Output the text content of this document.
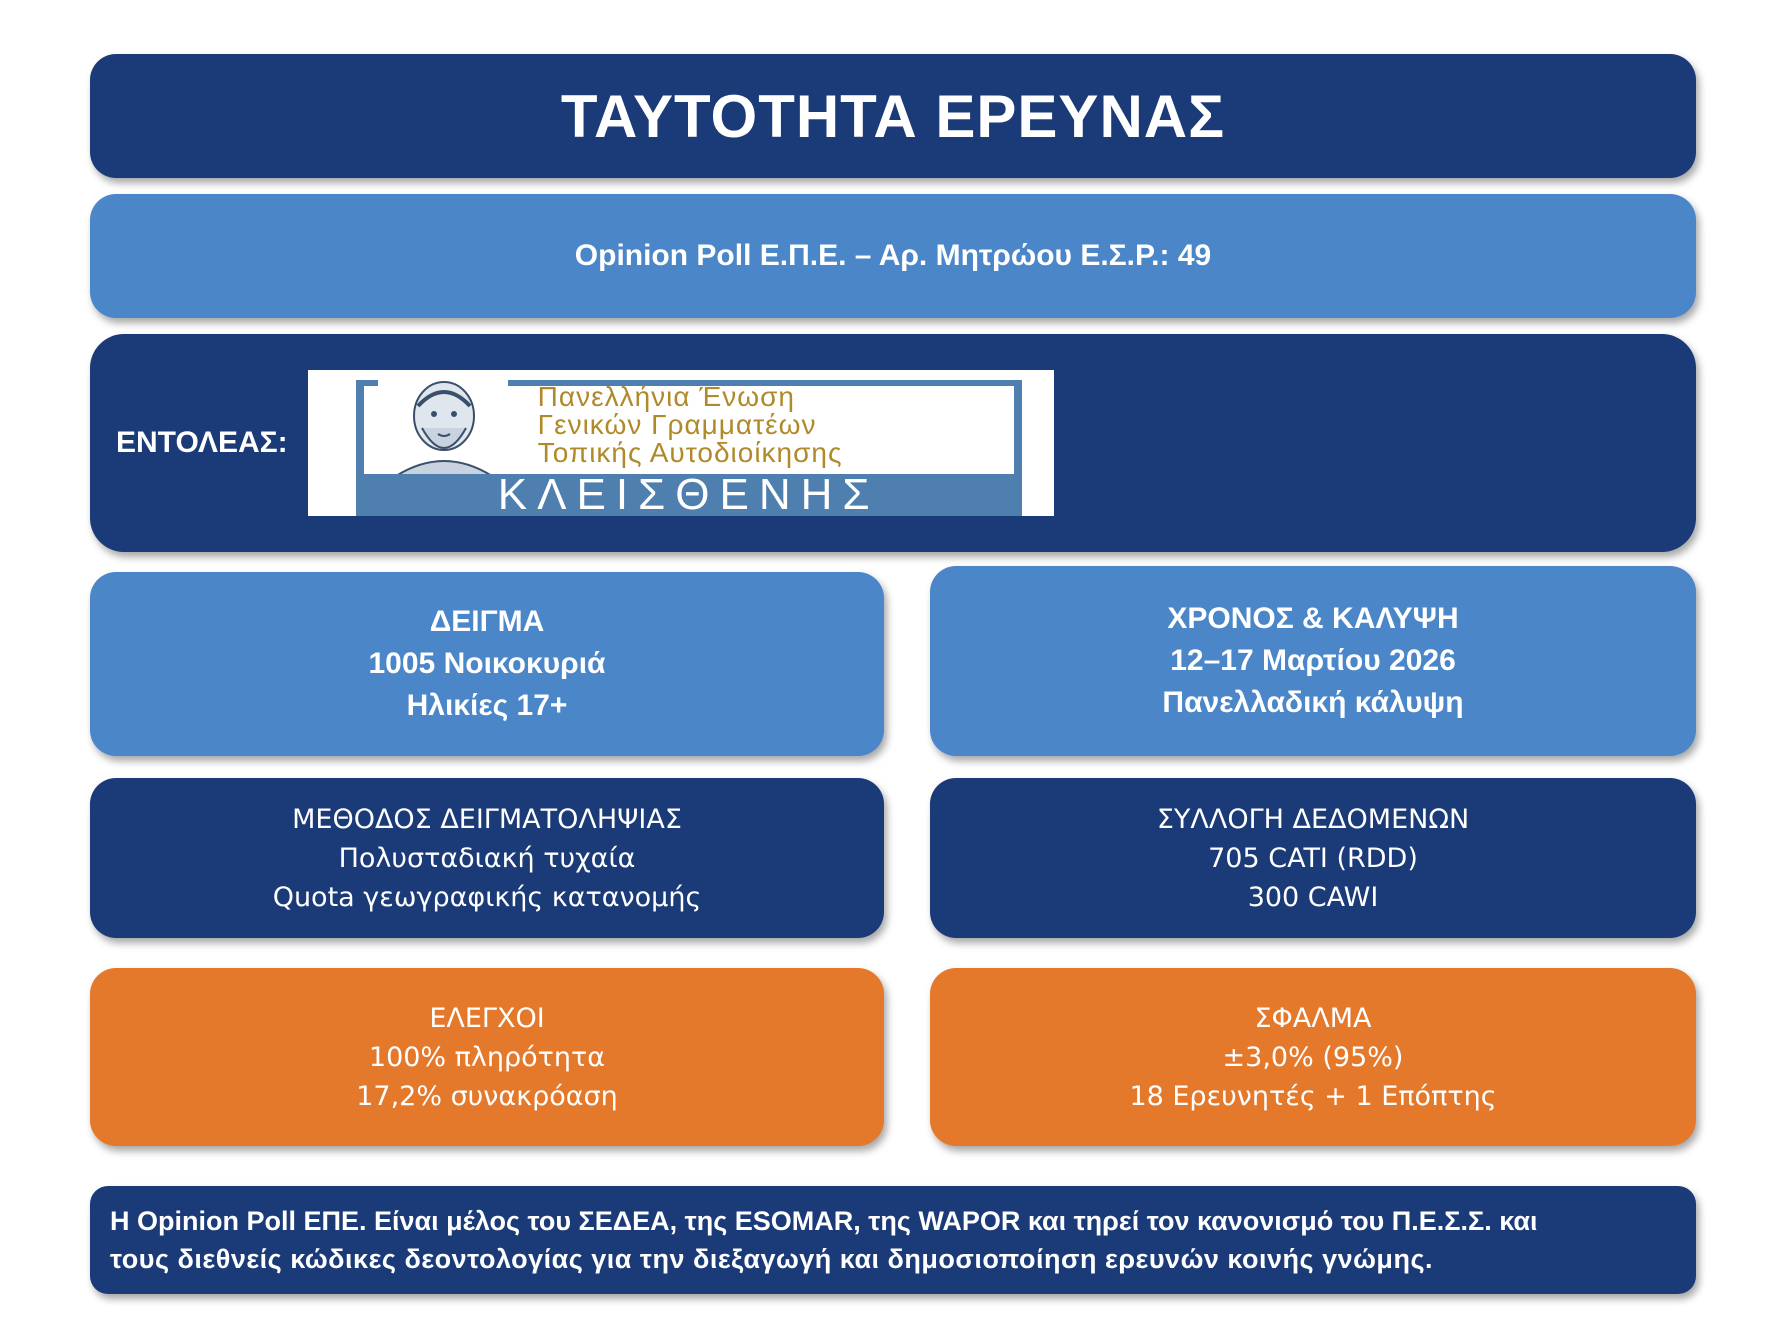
ΤΑΥΤΟΤΗΤΑ ΕΡΕΥΝΑΣ
Opinion Poll Ε.Π.Ε. – Αρ. Μητρώου Ε.Σ.Ρ.: 49
ΕΝΤΟΛΕΑΣ:
Πανελλήνια Ένωση
Γενικών Γραμματέων
Τοπικής Αυτοδιοίκησης
ΚΛΕΙΣΘΕΝΗΣ
ΔΕΙΓΜΑ
1005 Νοικοκυριά
Ηλικίες 17+
ΧΡΟΝΟΣ & ΚΑΛΥΨΗ
12–17 Μαρτίου 2026
Πανελλαδική κάλυψη
ΜΕΘΟΔΟΣ ΔΕΙΓΜΑΤΟΛΗΨΙΑΣ
Πολυσταδιακή τυχαία
Quota γεωγραφικής κατανομής
ΣΥΛΛΟΓΗ ΔΕΔΟΜΕΝΩΝ
705 CATI (RDD)
300 CAWI
ΕΛΕΓΧΟΙ
100% πληρότητα
17,2% συνακρόαση
ΣΦΑΛΜΑ
±3,0% (95%)
18 Ερευνητές + 1 Επόπτης
Η Opinion Poll ΕΠΕ. Είναι μέλος του ΣΕΔΕΑ, της ESOMAR, της WAPOR και τηρεί τον κανονισμό του Π.Ε.Σ.Σ. και
τους διεθνείς κώδικες δεοντολογίας για την διεξαγωγή και δημοσιοποίηση ερευνών κοινής γνώμης.
